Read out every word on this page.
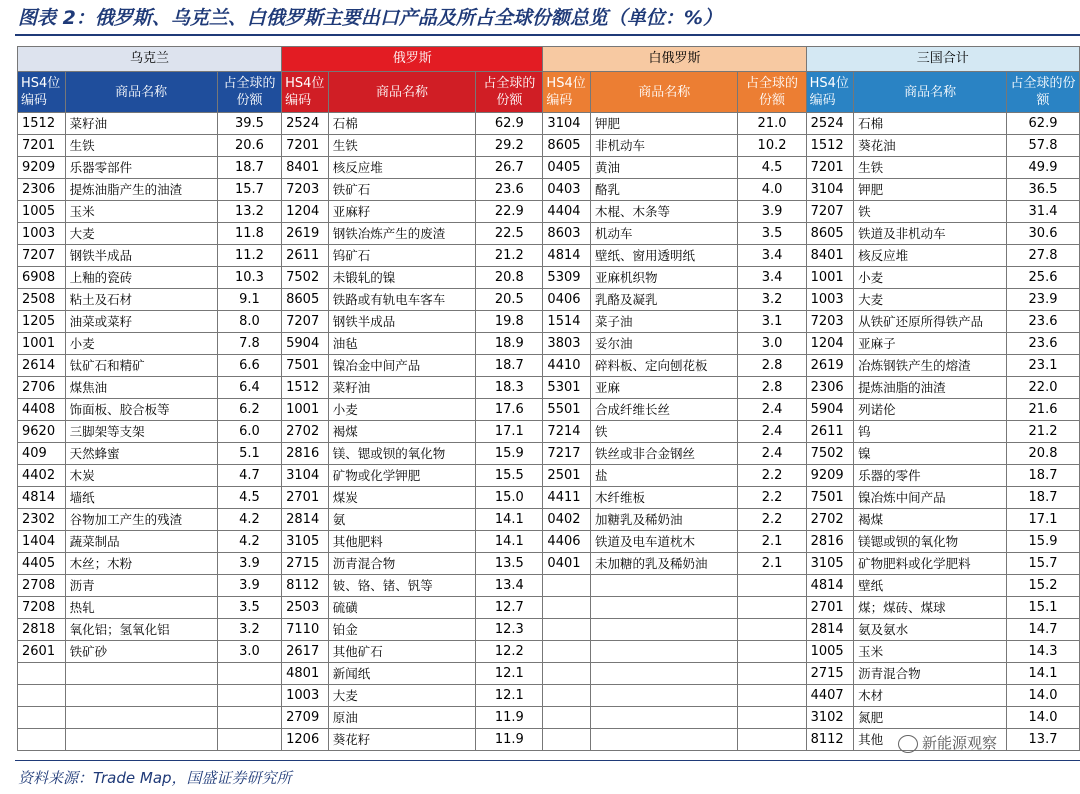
图表 2：俄罗斯、乌克兰、白俄罗斯主要出口产品及所占全球份额总览（单位：%）
乌克兰			俄罗斯			白俄罗斯			三国合计		
HS4位编码	商品名称	占全球的份额	HS4位编码	商品名称	占全球的份额	HS4位编码	商品名称	占全球的份额	HS4位编码	商品名称	占全球的份额
1512	菜籽油	39.5	2524	石棉	62.9	3104	钾肥	21.0	2524	石棉	62.9
7201	生铁	20.6	7201	生铁	29.2	8605	非机动车	10.2	1512	葵花油	57.8
9209	乐器零部件	18.7	8401	核反应堆	26.7	0405	黄油	4.5	7201	生铁	49.9
2306	提炼油脂产生的油渣	15.7	7203	铁矿石	23.6	0403	酪乳	4.0	3104	钾肥	36.5
1005	玉米	13.2	1204	亚麻籽	22.9	4404	木棍、木条等	3.9	7207	铁	31.4
1003	大麦	11.8	2619	钢铁冶炼产生的废渣	22.5	8603	机动车	3.5	8605	铁道及非机动车	30.6
7207	钢铁半成品	11.2	2611	钨矿石	21.2	4814	壁纸、窗用透明纸	3.4	8401	核反应堆	27.8
6908	上釉的瓷砖	10.3	7502	未锻轧的镍	20.8	5309	亚麻机织物	3.4	1001	小麦	25.6
2508	粘土及石材	9.1	8605	铁路或有轨电车客车	20.5	0406	乳酪及凝乳	3.2	1003	大麦	23.9
1205	油菜或菜籽	8.0	7207	钢铁半成品	19.8	1514	菜子油	3.1	7203	从铁矿还原所得铁产品	23.6
1001	小麦	7.8	5904	油毡	18.9	3803	妥尔油	3.0	1204	亚麻子	23.6
2614	钛矿石和精矿	6.6	7501	镍冶金中间产品	18.7	4410	碎料板、定向刨花板	2.8	2619	冶炼钢铁产生的熔渣	23.1
2706	煤焦油	6.4	1512	菜籽油	18.3	5301	亚麻	2.8	2306	提炼油脂的油渣	22.0
4408	饰面板、胶合板等	6.2	1001	小麦	17.6	5501	合成纤维长丝	2.4	5904	列诺伦	21.6
9620	三脚架等支架	6.0	2702	褐煤	17.1	7214	铁	2.4	2611	钨	21.2
409	天然蜂蜜	5.1	2816	镁、锶或钡的氧化物	15.9	7217	铁丝或非合金钢丝	2.4	7502	镍	20.8
4402	木炭	4.7	3104	矿物或化学钾肥	15.5	2501	盐	2.2	9209	乐器的零件	18.7
4814	墙纸	4.5	2701	煤炭	15.0	4411	木纤维板	2.2	7501	镍冶炼中间产品	18.7
2302	谷物加工产生的残渣	4.2	2814	氨	14.1	0402	加糖乳及稀奶油	2.2	2702	褐煤	17.1
1404	蔬菜制品	4.2	3105	其他肥料	14.1	4406	铁道及电车道枕木	2.1	2816	镁锶或钡的氧化物	15.9
4405	木丝；木粉	3.9	2715	沥青混合物	13.5	0401	未加糖的乳及稀奶油	2.1	3105	矿物肥料或化学肥料	15.7
2708	沥青	3.9	8112	铍、铬、锗、钒等	13.4				4814	壁纸	15.2
7208	热轧	3.5	2503	硫磺	12.7				2701	煤；煤砖、煤球	15.1
2818	氧化铝；氢氧化铝	3.2	7110	铂金	12.3				2814	氨及氨水	14.7
2601	铁矿砂	3.0	2617	其他矿石	12.2				1005	玉米	14.3
			4801	新闻纸	12.1				2715	沥青混合物	14.1
			1003	大麦	12.1				4407	木材	14.0
			2709	原油	11.9				3102	氮肥	14.0
			1206	葵花籽	11.9				8112	其他	13.7
资料来源：Trade Map，国盛证券研究所
新能源观察
